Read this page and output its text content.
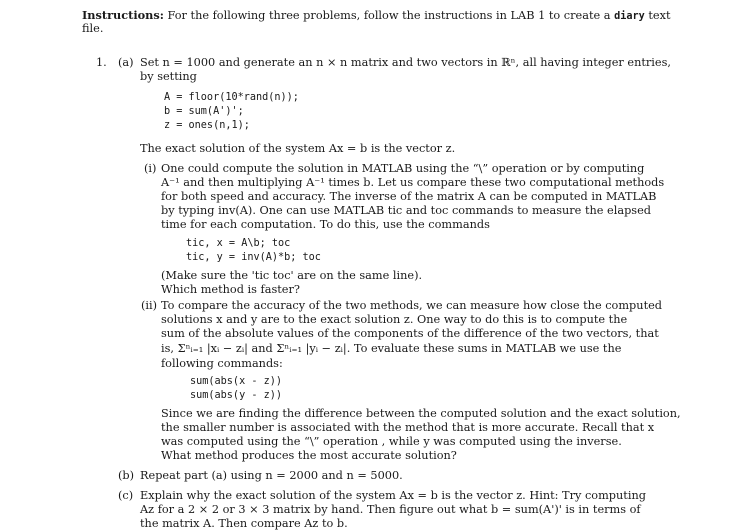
Instructions: For the following three problems, follow the instructions in LAB 1 to create a diary text
file.
1. (a) Set n = 1000 and generate an n × n matrix and two vectors in ℝⁿ, all having integer entries,
by setting
A = floor(10*rand(n));
b = sum(A')';
z = ones(n,1);
The exact solution of the system Ax = b is the vector z.
(i) One could compute the solution in MATLAB using the “\” operation or by computing
A⁻¹ and then multiplying A⁻¹ times b. Let us compare these two computational methods
for both speed and accuracy. The inverse of the matrix A can be computed in MATLAB
by typing inv(A). One can use MATLAB tic and toc commands to measure the elapsed
time for each computation. To do this, use the commands
tic, x = A\b; toc
tic, y = inv(A)*b; toc
(Make sure the 'tic toc' are on the same line).
Which method is faster?
(ii) To compare the accuracy of the two methods, we can measure how close the computed
solutions x and y are to the exact solution z. One way to do this is to compute the
sum of the absolute values of the components of the difference of the two vectors, that
is, Σⁿᵢ₌₁ |xᵢ − zᵢ| and Σⁿᵢ₌₁ |yᵢ − zᵢ|. To evaluate these sums in MATLAB we use the
following commands:
sum(abs(x - z))
sum(abs(y - z))
Since we are finding the difference between the computed solution and the exact solution,
the smaller number is associated with the method that is more accurate. Recall that x
was computed using the “\” operation , while y was computed using the inverse.
What method produces the most accurate solution?
(b) Repeat part (a) using n = 2000 and n = 5000.
(c) Explain why the exact solution of the system Ax = b is the vector z. Hint: Try computing
Az for a 2 × 2 or 3 × 3 matrix by hand. Then figure out what b = sum(A')' is in terms of
the matrix A. Then compare Az to b.
